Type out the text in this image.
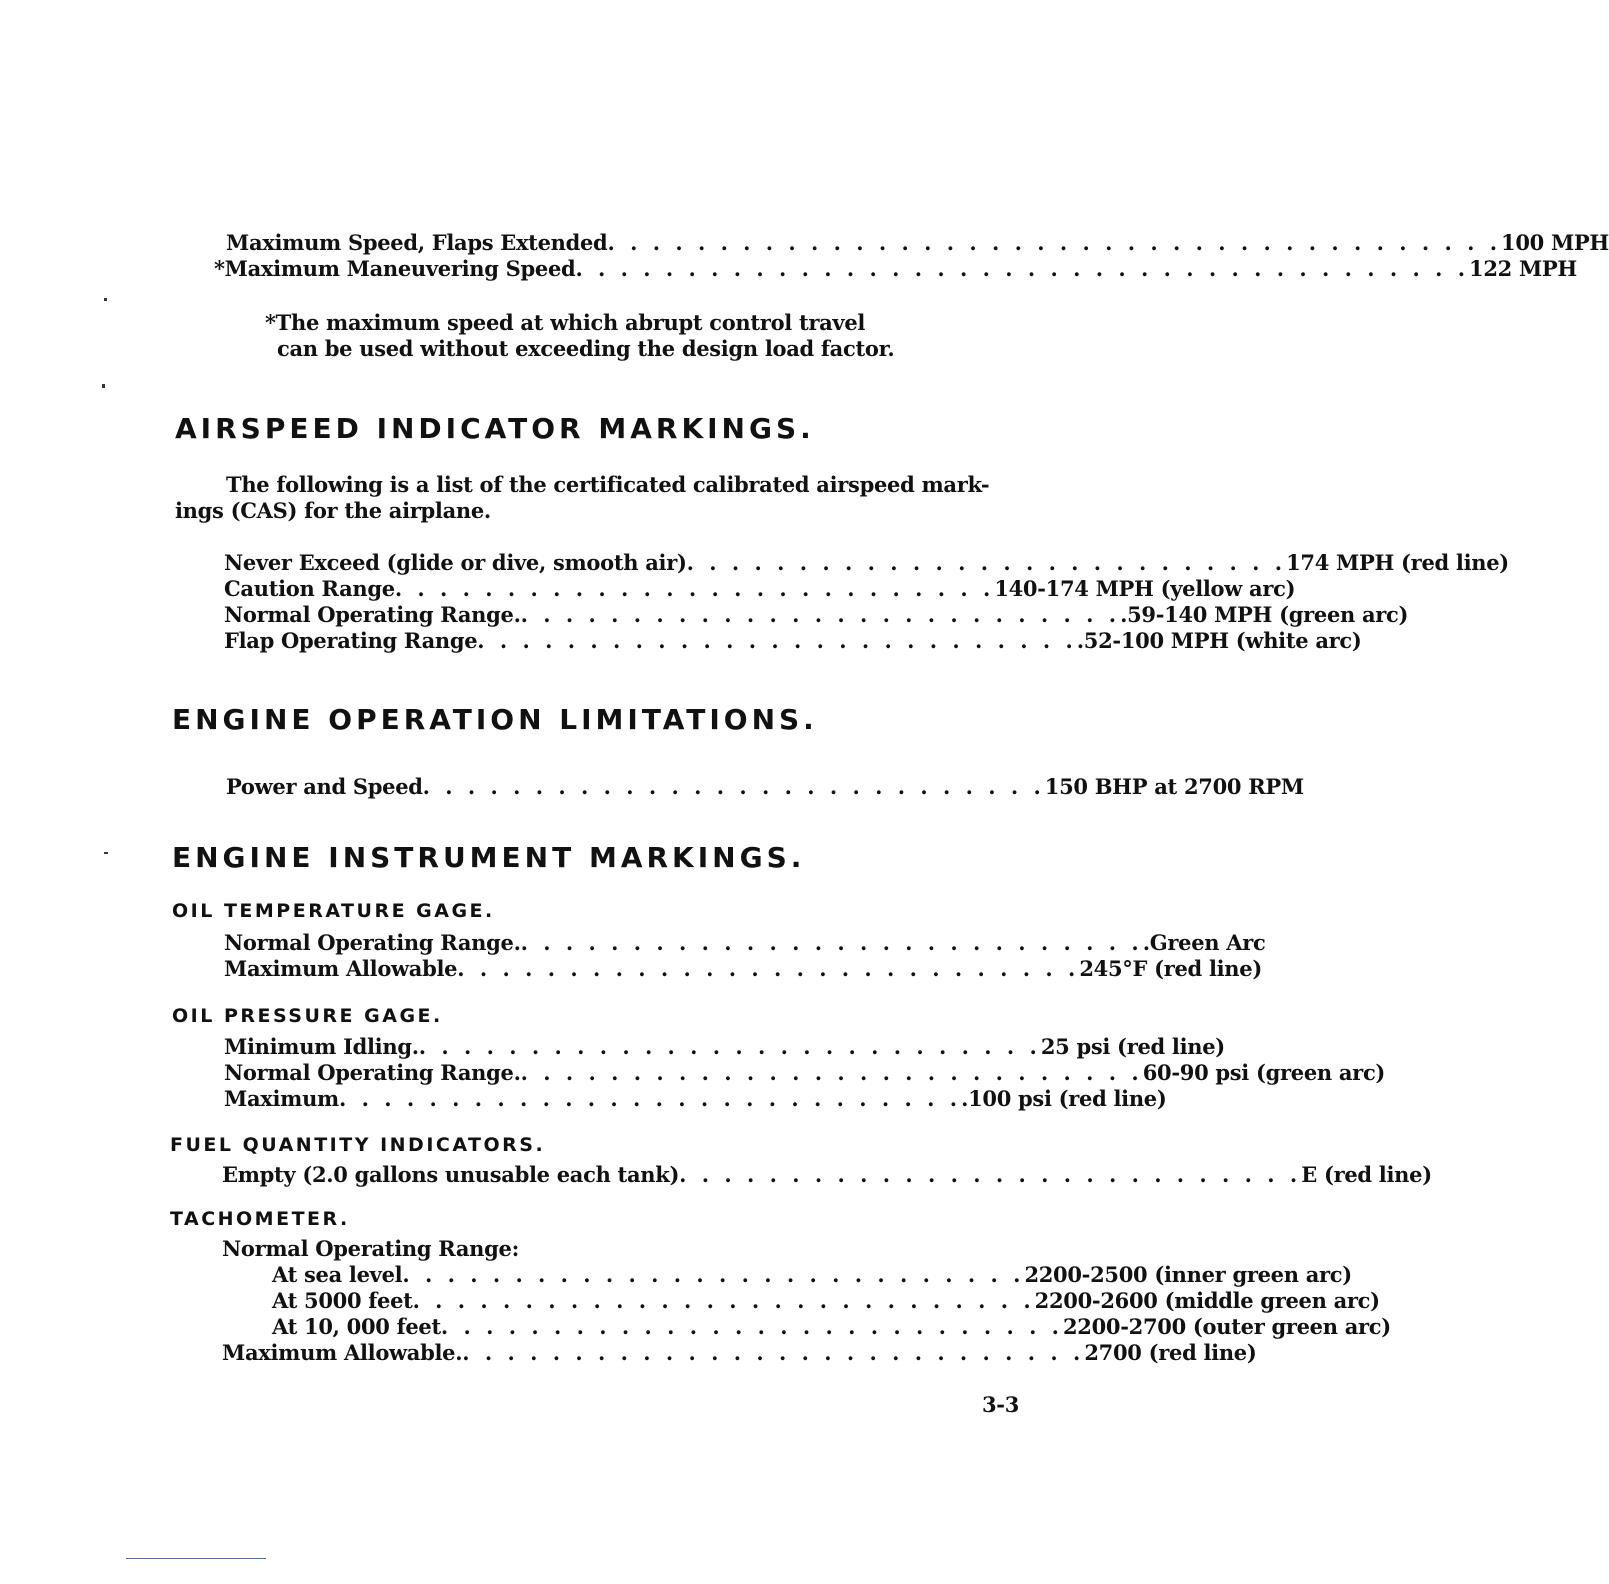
Maximum Speed, Flaps Extended . . . . . . . . . . . . . . . . . . . . . . . . . . . . . . . . . . . . . . . . 100 MPH
*Maximum Maneuvering Speed . . . . . . . . . . . . . . . . . . . . . . . . . . . . . . . . . . . . . . . . 122 MPH
*The maximum speed at which abrupt control travel
can be used without exceeding the design load factor.
AIRSPEED INDICATOR MARKINGS.
The following is a list of the certificated calibrated airspeed mark-
ings (CAS) for the airplane.
Never Exceed (glide or dive, smooth air) . . . . . . . . . . . . . . . . . . . . . . . . . . . 174 MPH (red line)
Caution Range . . . . . . . . . . . . . . . . . . . . . . . . . . . 140-174 MPH (yellow arc)
Normal Operating Range. . . . . . . . . . . . . . . . . . . . . . . . . . . . .59-140 MPH (green arc)
Flap Operating Range . . . . . . . . . . . . . . . . . . . . . . . . . . . .52-100 MPH (white arc)
ENGINE OPERATION LIMITATIONS.
Power and Speed . . . . . . . . . . . . . . . . . . . . . . . . . . . . 150 BHP at 2700 RPM
ENGINE INSTRUMENT MARKINGS.
OIL TEMPERATURE GAGE.
Normal Operating Range. . . . . . . . . . . . . . . . . . . . . . . . . . . . . .Green Arc
Maximum Allowable . . . . . . . . . . . . . . . . . . . . . . . . . . . . 245°F (red line)
OIL PRESSURE GAGE.
Minimum Idling. . . . . . . . . . . . . . . . . . . . . . . . . . . . . 25 psi (red line)
Normal Operating Range. . . . . . . . . . . . . . . . . . . . . . . . . . . . . 60-90 psi (green arc)
Maximum . . . . . . . . . . . . . . . . . . . . . . . . . . . . .100 psi (red line)
FUEL QUANTITY INDICATORS.
Empty (2.0 gallons unusable each tank) . . . . . . . . . . . . . . . . . . . . . . . . . . . . E (red line)
TACHOMETER.
Normal Operating Range:
At sea level . . . . . . . . . . . . . . . . . . . . . . . . . . . . 2200-2500 (inner green arc)
At 5000 feet . . . . . . . . . . . . . . . . . . . . . . . . . . . . 2200-2600 (middle green arc)
At 10, 000 feet . . . . . . . . . . . . . . . . . . . . . . . . . . . . 2200-2700 (outer green arc)
Maximum Allowable. . . . . . . . . . . . . . . . . . . . . . . . . . . . . 2700 (red line)
3-3
